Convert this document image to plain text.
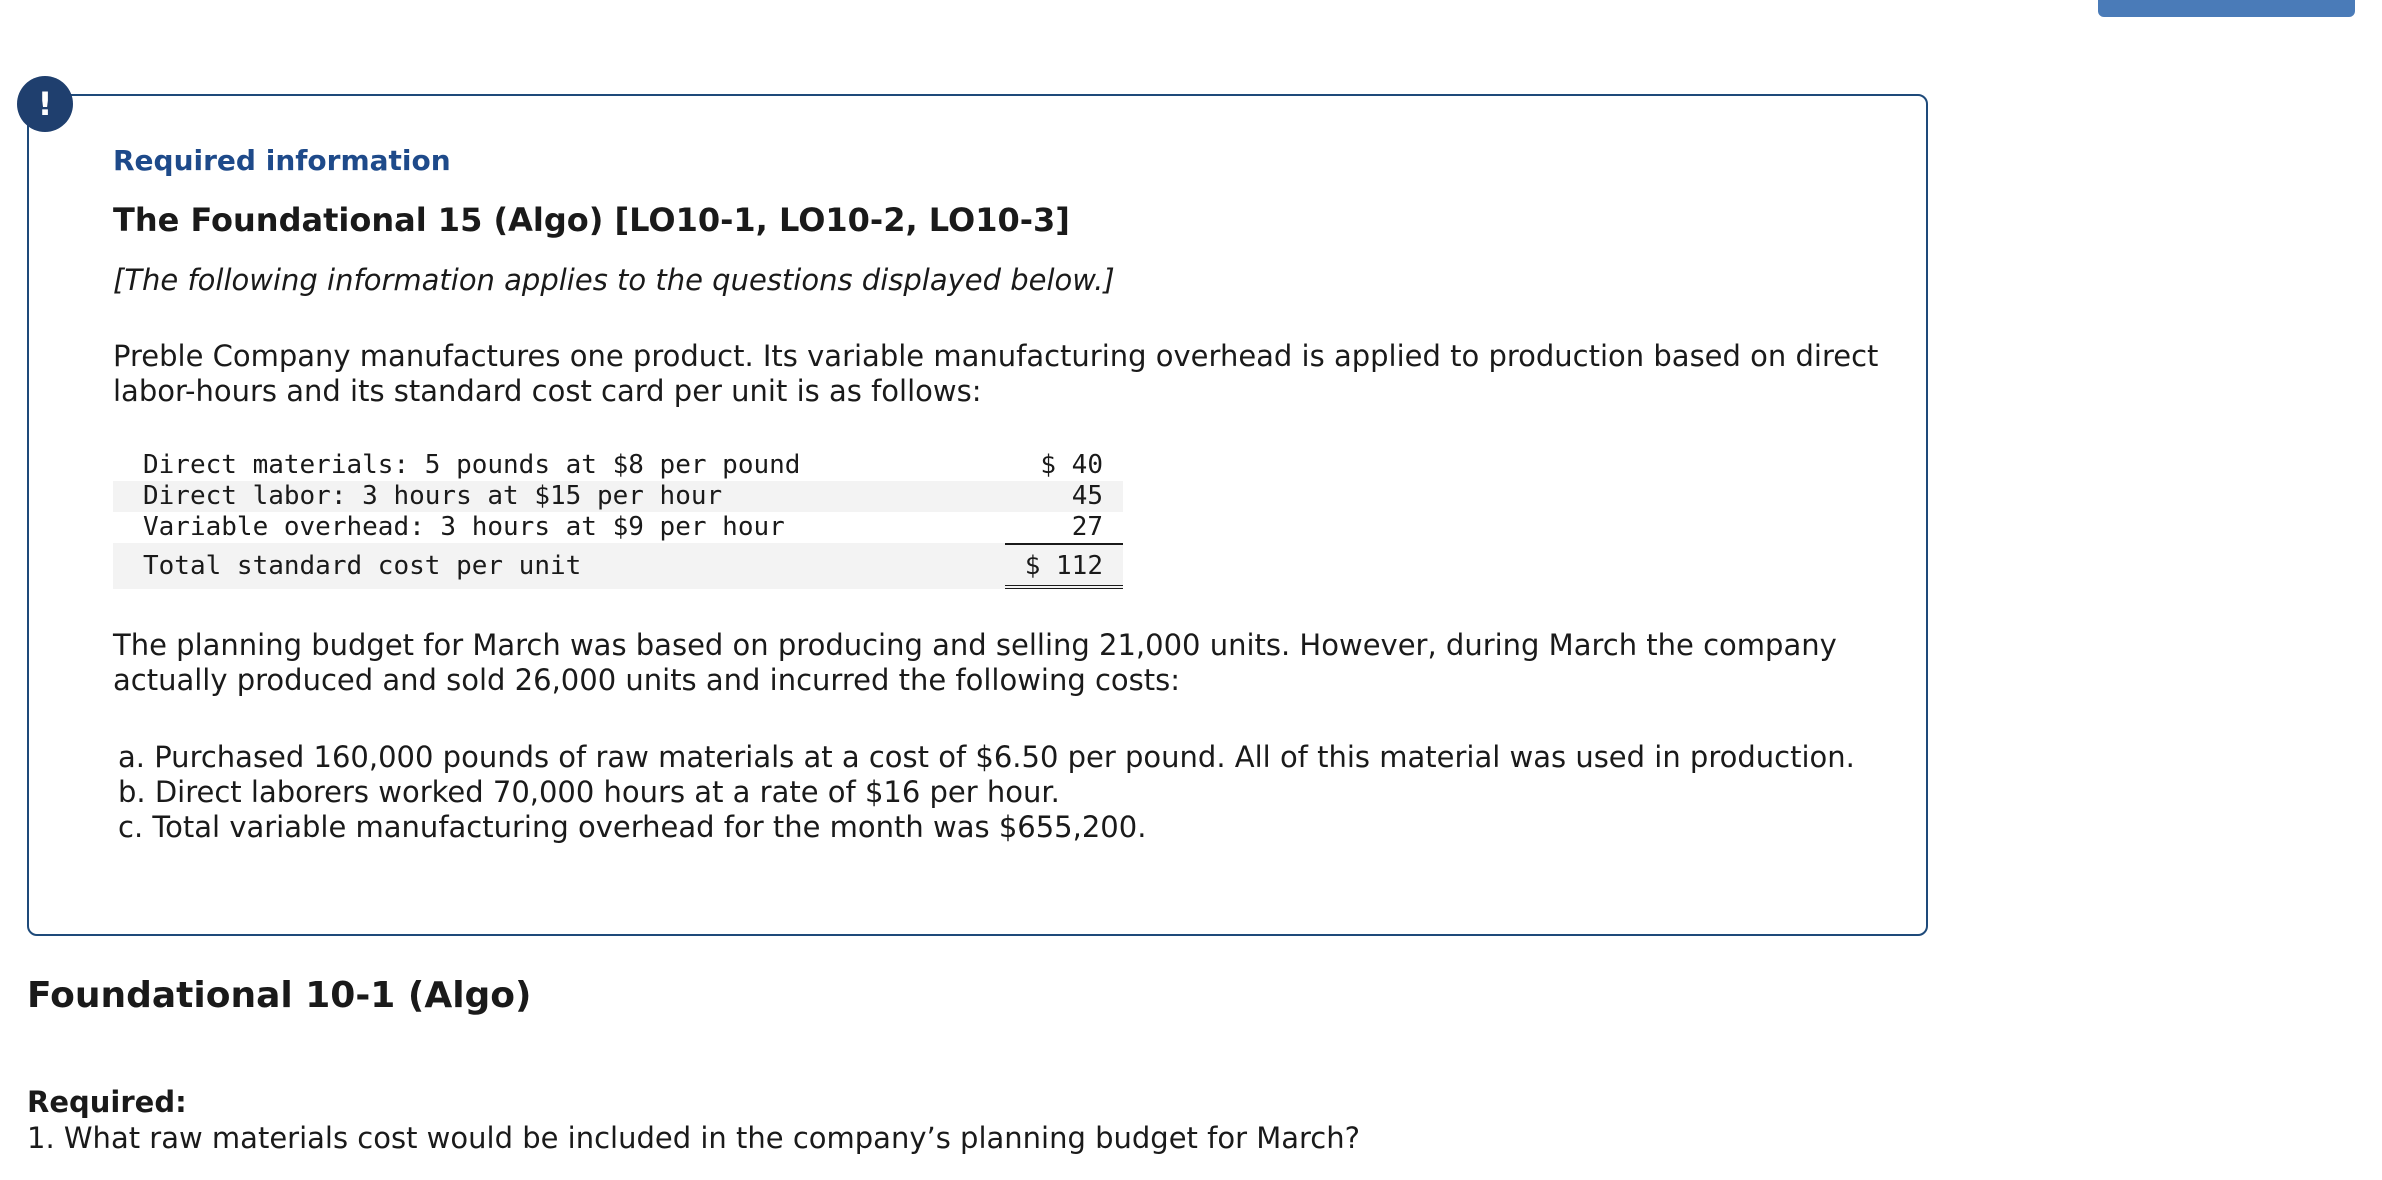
!
Required information
The Foundational 15 (Algo) [LO10-1, LO10-2, LO10-3]

[The following information applies to the questions displayed below.]

Preble Company manufactures one product. Its variable manufacturing overhead is applied to production based on direct labor-hours and its standard cost card per unit is as follows:

Direct materials: 5 pounds at $8 per pound	$ 40
Direct labor: 3 hours at $15 per hour	45
Variable overhead: 3 hours at $9 per hour	27
Total standard cost per unit	$ 112

The planning budget for March was based on producing and selling 21,000 units. However, during March the company actually produced and sold 26,000 units and incurred the following costs:

a. Purchased 160,000 pounds of raw materials at a cost of $6.50 per pound. All of this material was used in production.
b. Direct laborers worked 70,000 hours at a rate of $16 per hour.
c. Total variable manufacturing overhead for the month was $655,200.
Foundational 10-1 (Algo)

Required:

1. What raw materials cost would be included in the company’s planning budget for March?
